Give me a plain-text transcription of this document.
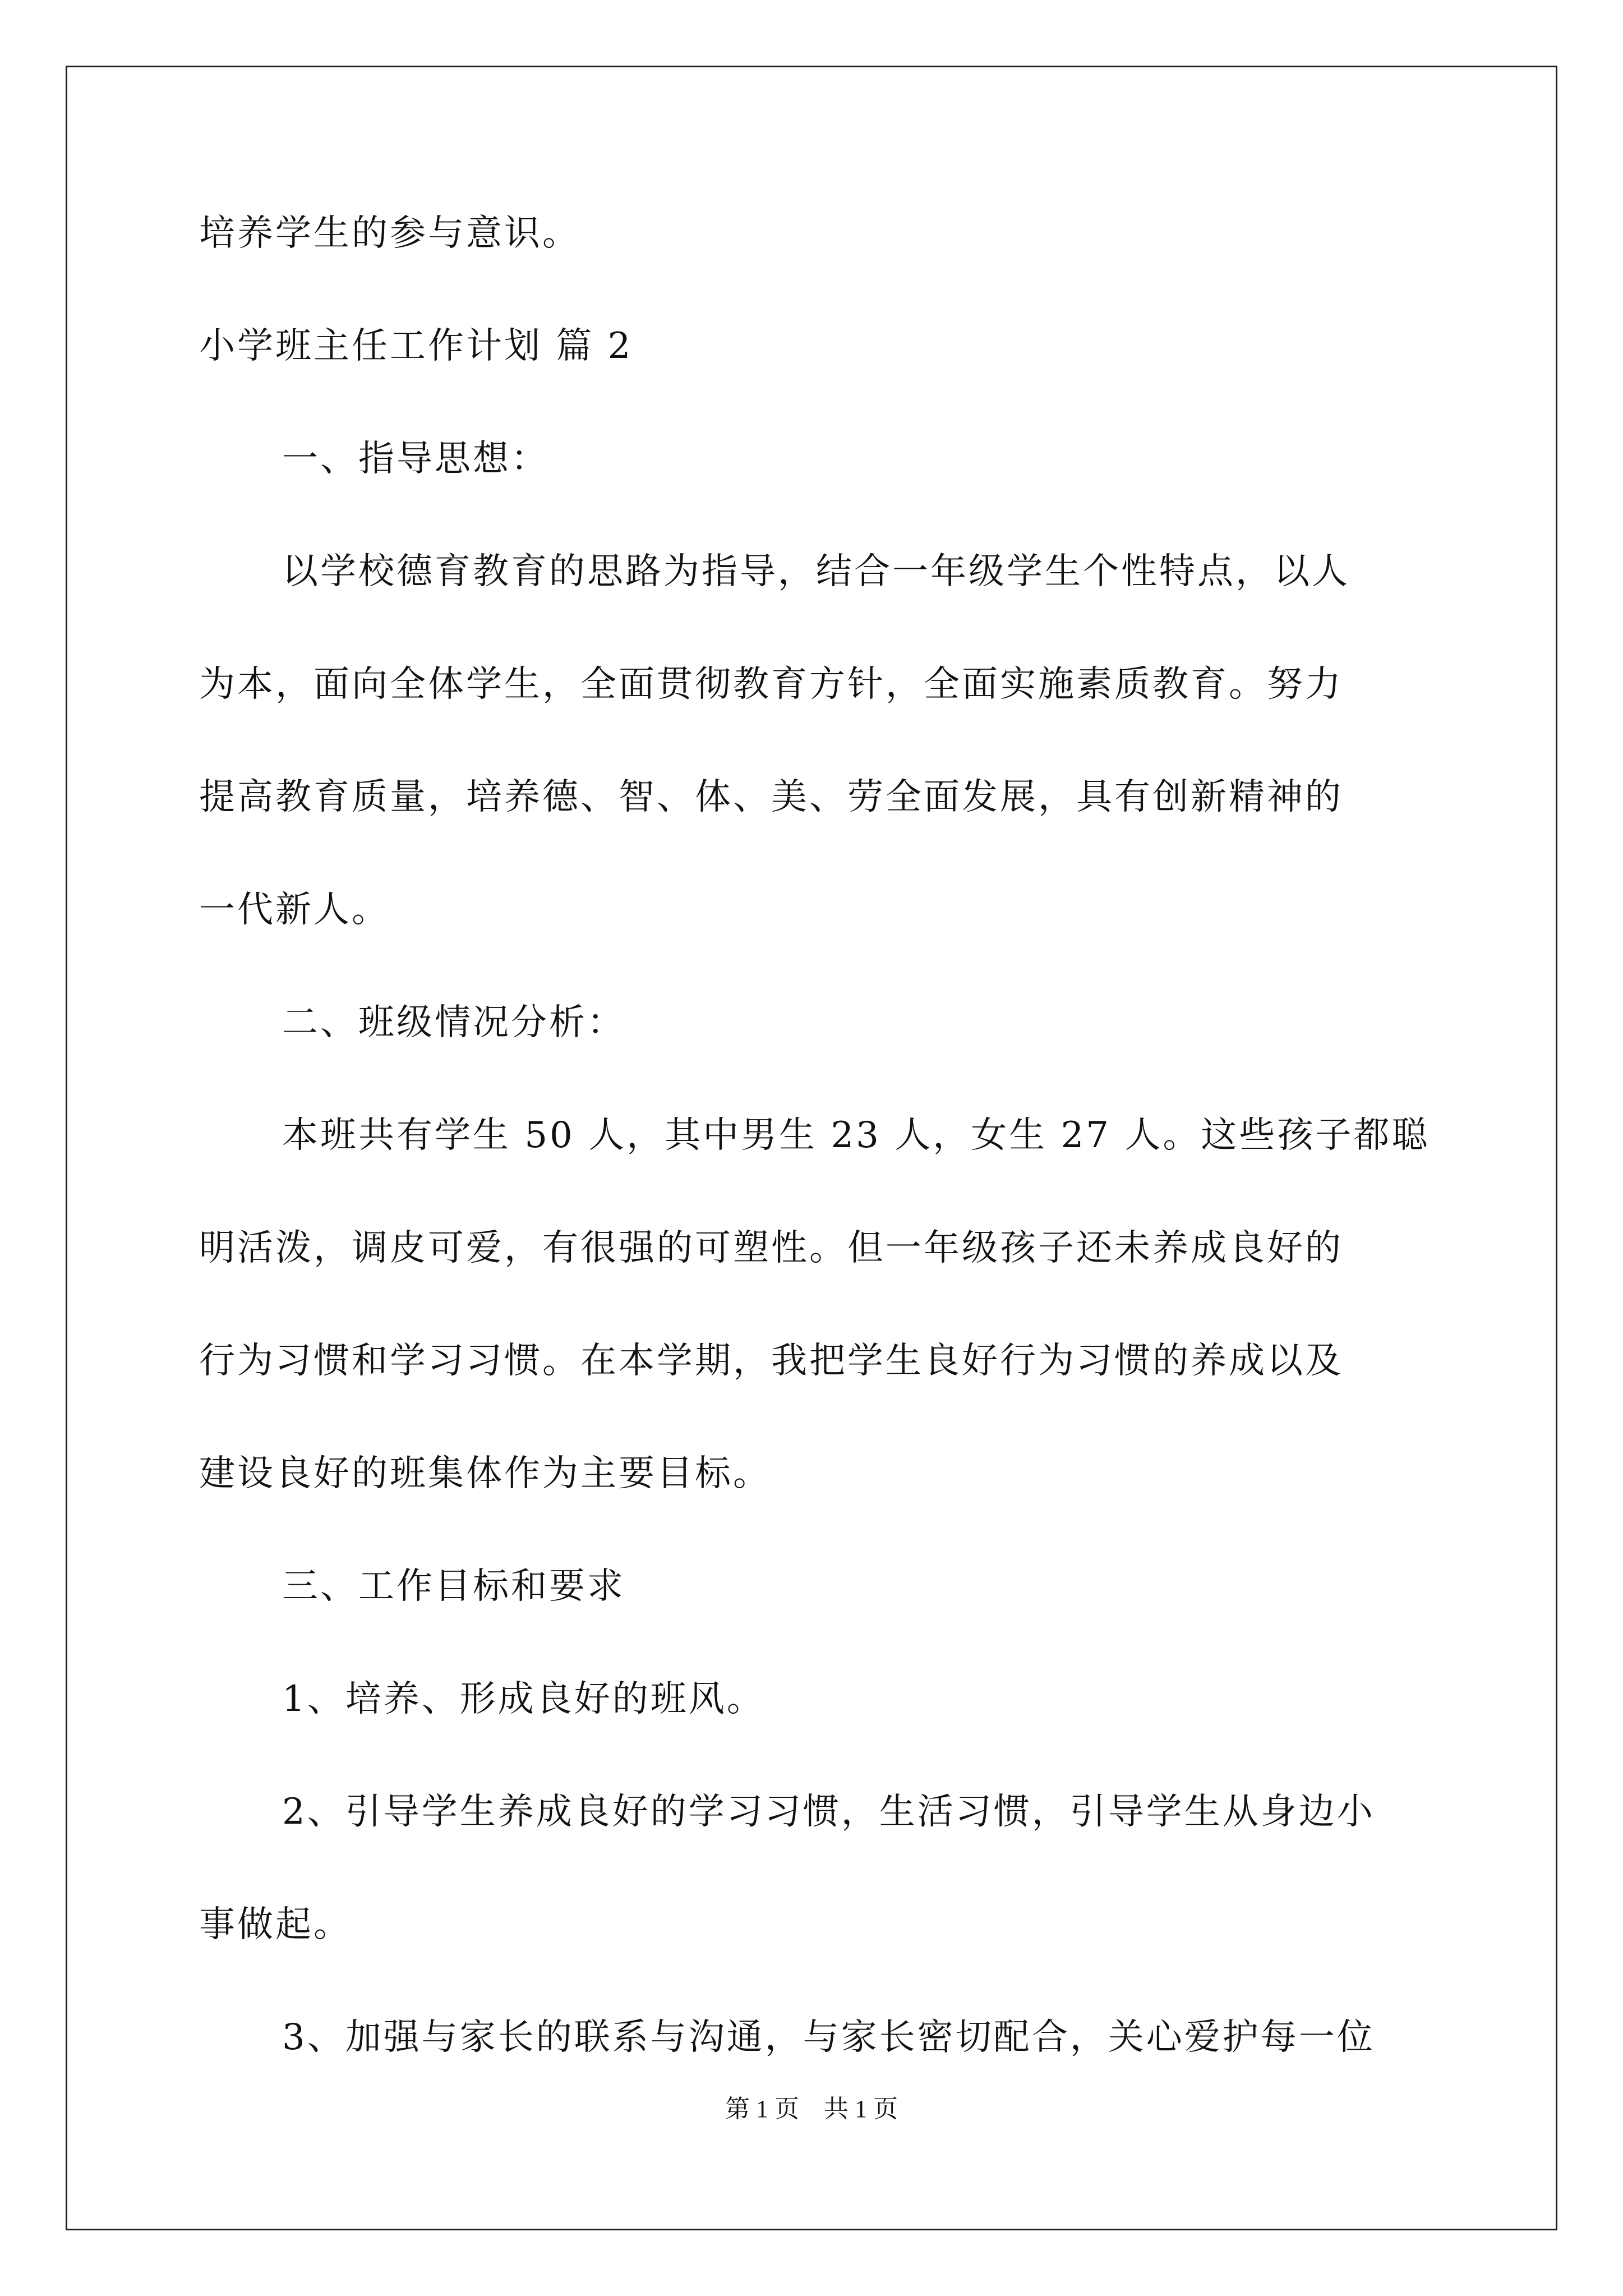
培养学生的参与意识。
小学班主任工作计划 篇 2
一、指导思想：
以学校德育教育的思路为指导，结合一年级学生个性特点，以人
为本，面向全体学生，全面贯彻教育方针，全面实施素质教育。努力
提高教育质量，培养德、智、体、美、劳全面发展，具有创新精神的
一代新人。
二、班级情况分析：
本班共有学生 50 人，其中男生 23 人，女生 27 人。这些孩子都聪
明活泼，调皮可爱，有很强的可塑性。但一年级孩子还未养成良好的
行为习惯和学习习惯。在本学期，我把学生良好行为习惯的养成以及
建设良好的班集体作为主要目标。
三、工作目标和要求
1、培养、形成良好的班风。
2、引导学生养成良好的学习习惯，生活习惯，引导学生从身边小
事做起。
第 1 页　共 1 页
3、加强与家长的联系与沟通，与家长密切配合，关心爱护每一位
